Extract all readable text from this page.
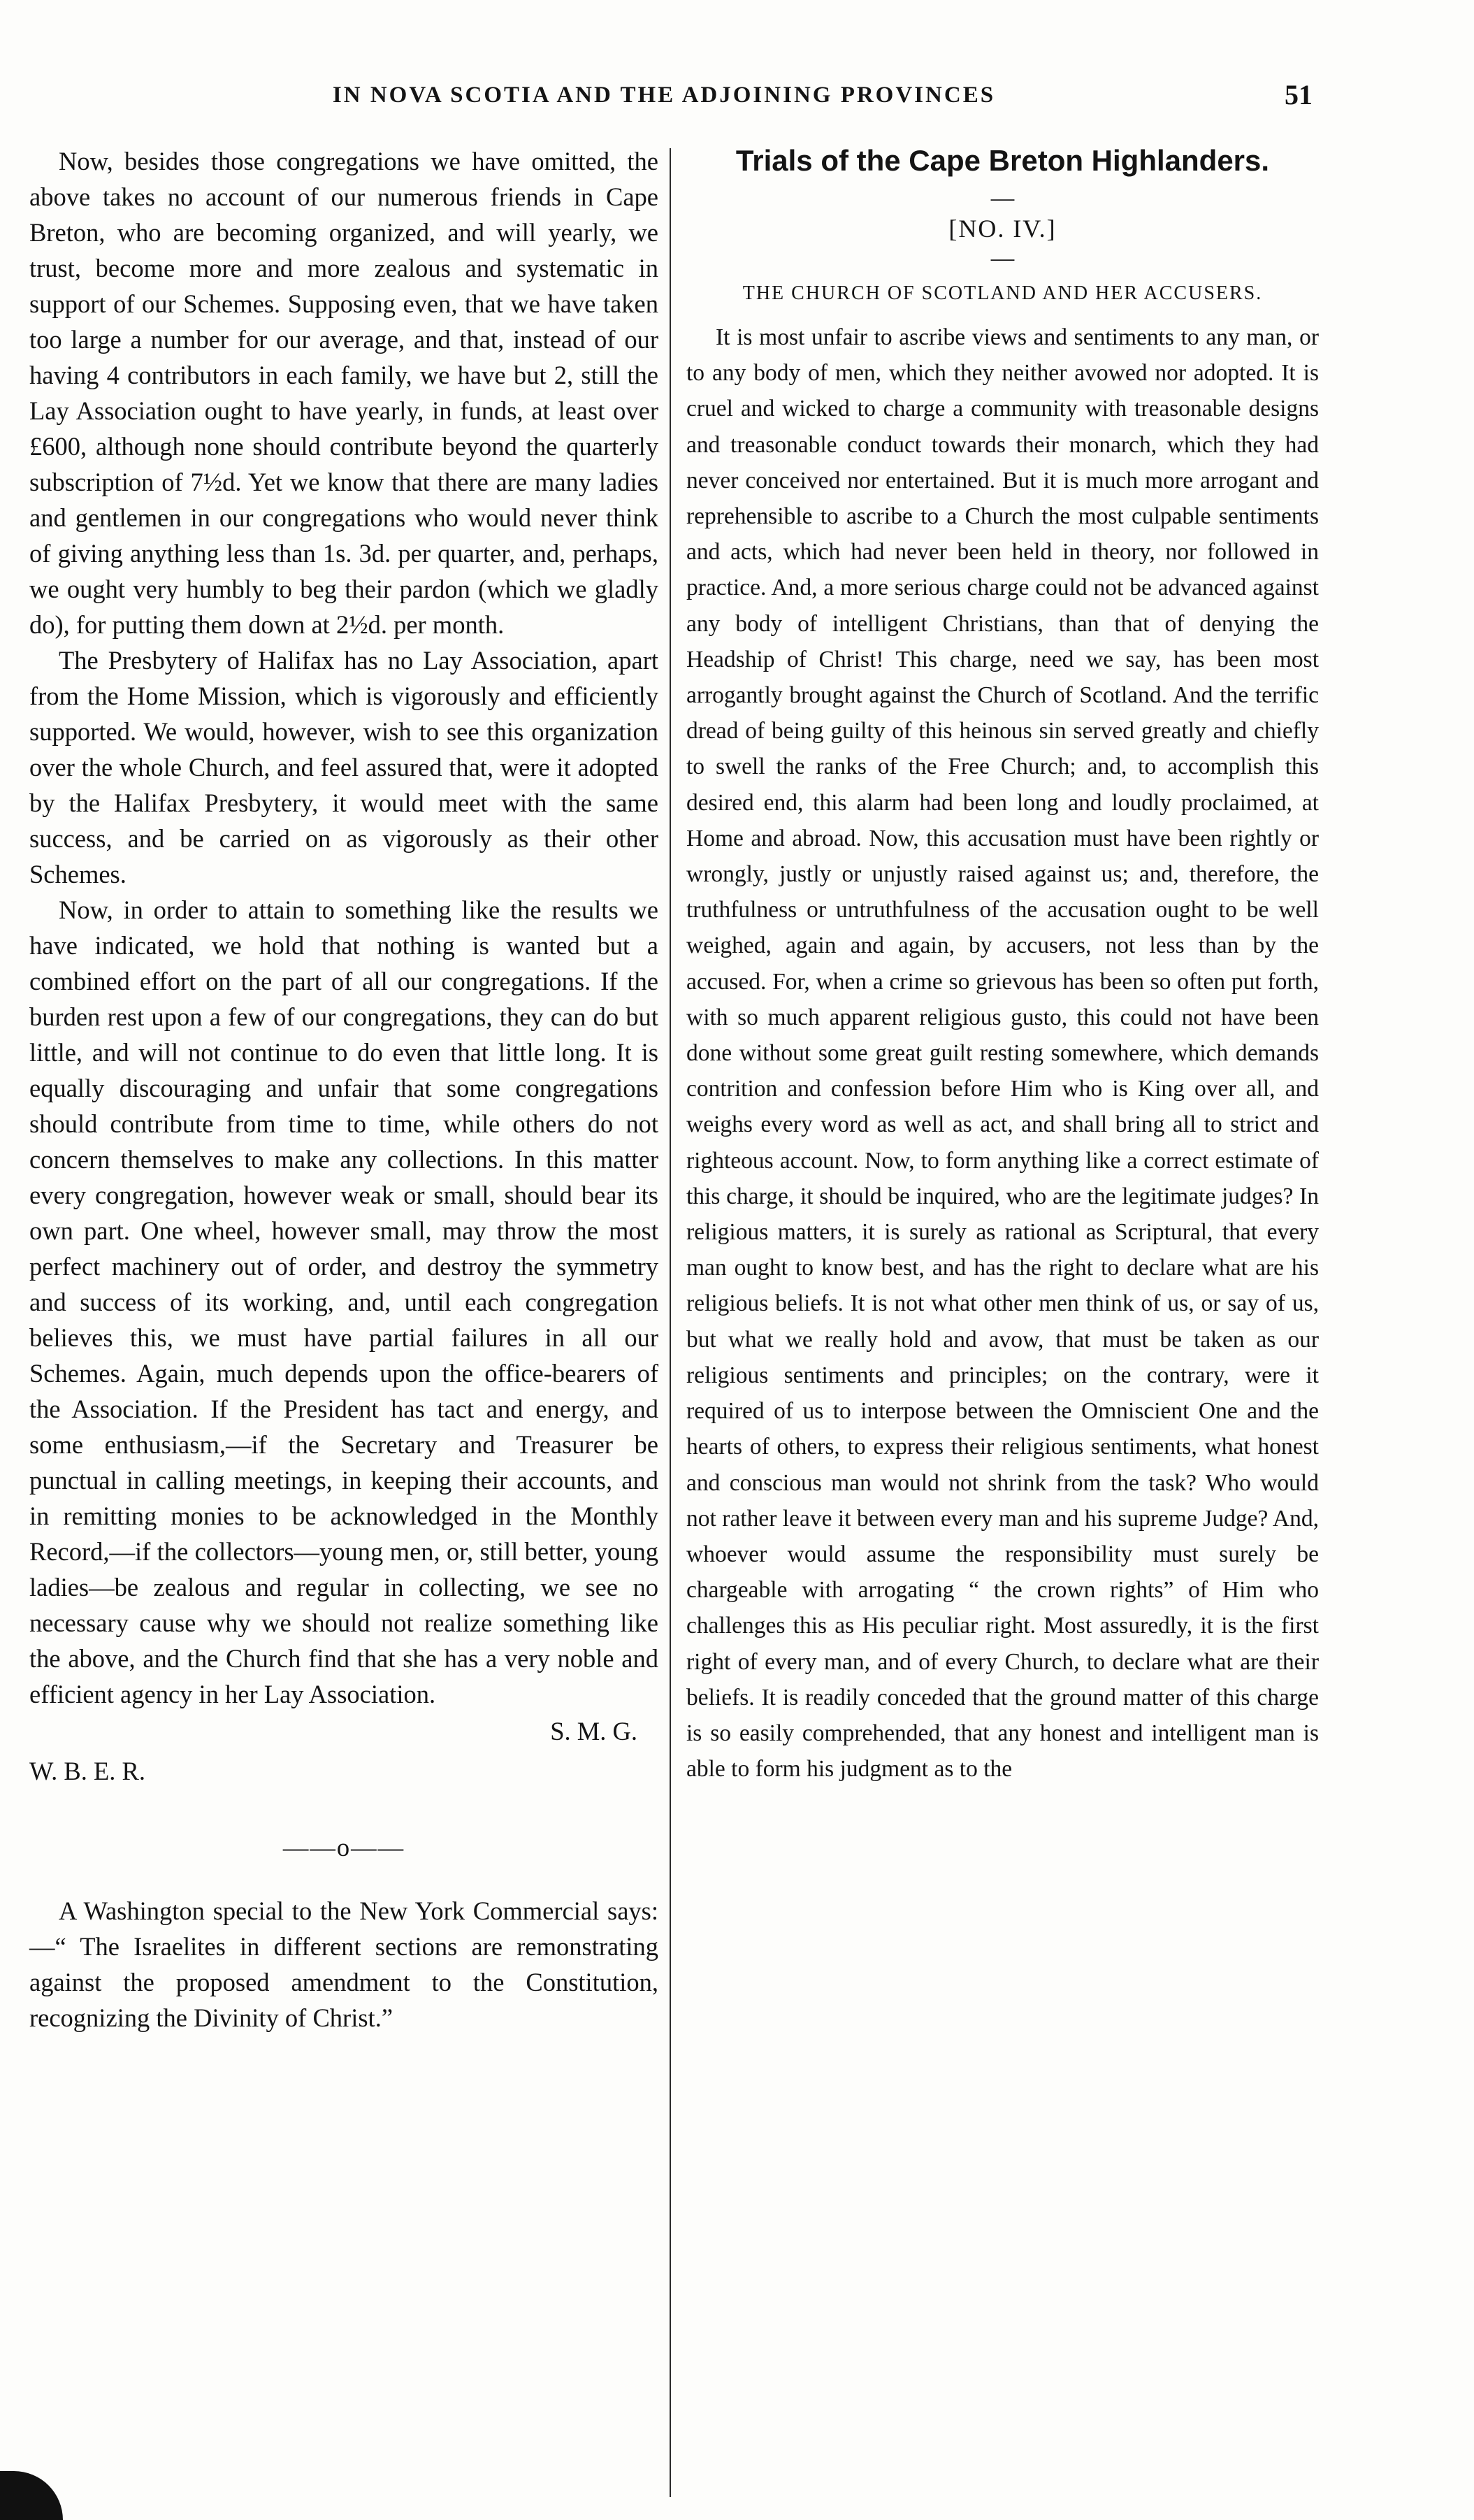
IN NOVA SCOTIA AND THE ADJOINING PROVINCES	51

Now, besides those congregations we have omitted, the above takes no account of our numerous friends in Cape Breton, who are becoming organized, and will yearly, we trust, become more and more zealous and systematic in support of our Schemes. Supposing even, that we have taken too large a number for our average, and that, instead of our having 4 contributors in each family, we have but 2, still the Lay Association ought to have yearly, in funds, at least over £600, although none should contribute beyond the quarterly subscription of 7½d. Yet we know that there are many ladies and gentlemen in our congregations who would never think of giving anything less than 1s. 3d. per quarter, and, perhaps, we ought very humbly to beg their pardon (which we gladly do), for putting them down at 2½d. per month.

The Presbytery of Halifax has no Lay Association, apart from the Home Mission, which is vigorously and efficiently supported. We would, however, wish to see this organization over the whole Church, and feel assured that, were it adopted by the Halifax Presbytery, it would meet with the same success, and be carried on as vigorously as their other Schemes.

Now, in order to attain to something like the results we have indicated, we hold that nothing is wanted but a combined effort on the part of all our congregations. If the burden rest upon a few of our congregations, they can do but little, and will not continue to do even that little long. It is equally discouraging and unfair that some congregations should contribute from time to time, while others do not concern themselves to make any collections. In this matter every congregation, however weak or small, should bear its own part. One wheel, however small, may throw the most perfect machinery out of order, and destroy the symmetry and success of its working, and, until each congregation believes this, we must have partial failures in all our Schemes. Again, much depends upon the office-bearers of the Association. If the President has tact and energy, and some enthusiasm,—if the Secretary and Treasurer be punctual in calling meetings, in keeping their accounts, and in remitting monies to be acknowledged in the Monthly Record,—if the collectors—young men, or, still better, young ladies—be zealous and regular in collecting, we see no necessary cause why we should not realize something like the above, and the Church find that she has a very noble and efficient agency in her Lay Association.

S. M. G.
W. B. E. R.
——o——

A Washington special to the New York Commercial says:—“ The Israelites in different sections are remonstrating against the proposed amendment to the Constitution, recognizing the Divinity of Christ.”

Trials of the Cape Breton Highlanders.
—
[NO. IV.]
—
THE CHURCH OF SCOTLAND AND HER ACCUSERS.

It is most unfair to ascribe views and sentiments to any man, or to any body of men, which they neither avowed nor adopted. It is cruel and wicked to charge a community with treasonable designs and treasonable conduct towards their monarch, which they had never conceived nor entertained. But it is much more arrogant and reprehensible to ascribe to a Church the most culpable sentiments and acts, which had never been held in theory, nor followed in practice. And, a more serious charge could not be advanced against any body of intelligent Christians, than that of denying the Headship of Christ! This charge, need we say, has been most arrogantly brought against the Church of Scotland. And the terrific dread of being guilty of this heinous sin served greatly and chiefly to swell the ranks of the Free Church; and, to accomplish this desired end, this alarm had been long and loudly proclaimed, at Home and abroad. Now, this accusation must have been rightly or wrongly, justly or unjustly raised against us; and, therefore, the truthfulness or untruthfulness of the accusation ought to be well weighed, again and again, by accusers, not less than by the accused. For, when a crime so grievous has been so often put forth, with so much apparent religious gusto, this could not have been done without some great guilt resting somewhere, which demands contrition and confession before Him who is King over all, and weighs every word as well as act, and shall bring all to strict and righteous account. Now, to form anything like a correct estimate of this charge, it should be inquired, who are the legitimate judges? In religious matters, it is surely as rational as Scriptural, that every man ought to know best, and has the right to declare what are his religious beliefs. It is not what other men think of us, or say of us, but what we really hold and avow, that must be taken as our religious sentiments and principles; on the contrary, were it required of us to interpose between the Omniscient One and the hearts of others, to express their religious sentiments, what honest and conscious man would not shrink from the task? Who would not rather leave it between every man and his supreme Judge? And, whoever would assume the responsibility must surely be chargeable with arrogating “ the crown rights” of Him who challenges this as His peculiar right. Most assuredly, it is the first right of every man, and of every Church, to declare what are their beliefs. It is readily conceded that the ground matter of this charge is so easily comprehended, that any honest and intelligent man is able to form his judgment as to the
